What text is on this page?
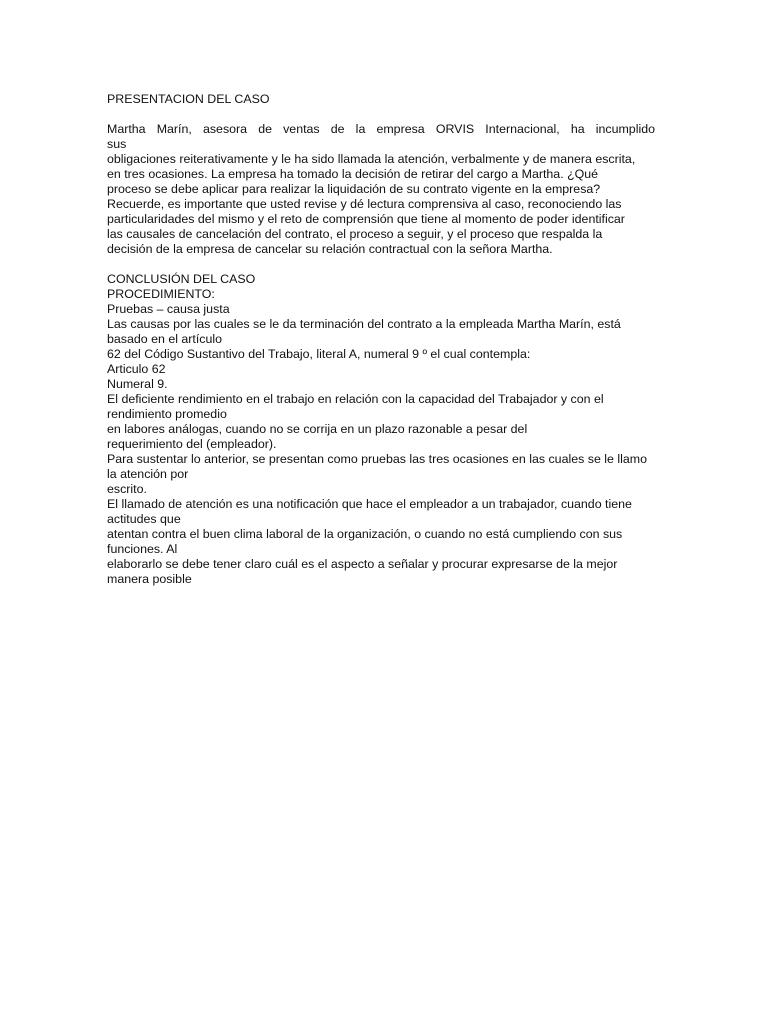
PRESENTACION DEL CASO
Martha Marín, asesora de ventas de la empresa ORVIS Internacional, ha incumplido
sus
obligaciones reiterativamente y le ha sido llamada la atención, verbalmente y de manera escrita,
en tres ocasiones. La empresa ha tomado la decisión de retirar del cargo a Martha. ¿Qué
proceso se debe aplicar para realizar la liquidación de su contrato vigente en la empresa?
Recuerde, es importante que usted revise y dé lectura comprensiva al caso, reconociendo las
particularidades del mismo y el reto de comprensión que tiene al momento de poder identificar
las causales de cancelación del contrato, el proceso a seguir, y el proceso que respalda la
decisión de la empresa de cancelar su relación contractual con la señora Martha.
CONCLUSIÓN DEL CASO
PROCEDIMIENTO:
Pruebas – causa justa
Las causas por las cuales se le da terminación del contrato a la empleada Martha Marín, está
basado en el artículo
62 del Código Sustantivo del Trabajo, literal A, numeral 9 º el cual contempla:
Articulo 62
Numeral 9.
El deficiente rendimiento en el trabajo en relación con la capacidad del Trabajador y con el
rendimiento promedio
en labores análogas, cuando no se corrija en un plazo razonable a pesar del
requerimiento del (empleador).
Para sustentar lo anterior, se presentan como pruebas las tres ocasiones en las cuales se le llamo
la atención por
escrito.
El llamado de atención es una notificación que hace el empleador a un trabajador, cuando tiene
actitudes que
atentan contra el buen clima laboral de la organización, o cuando no está cumpliendo con sus
funciones. Al
elaborarlo se debe tener claro cuál es el aspecto a señalar y procurar expresarse de la mejor
manera posible
